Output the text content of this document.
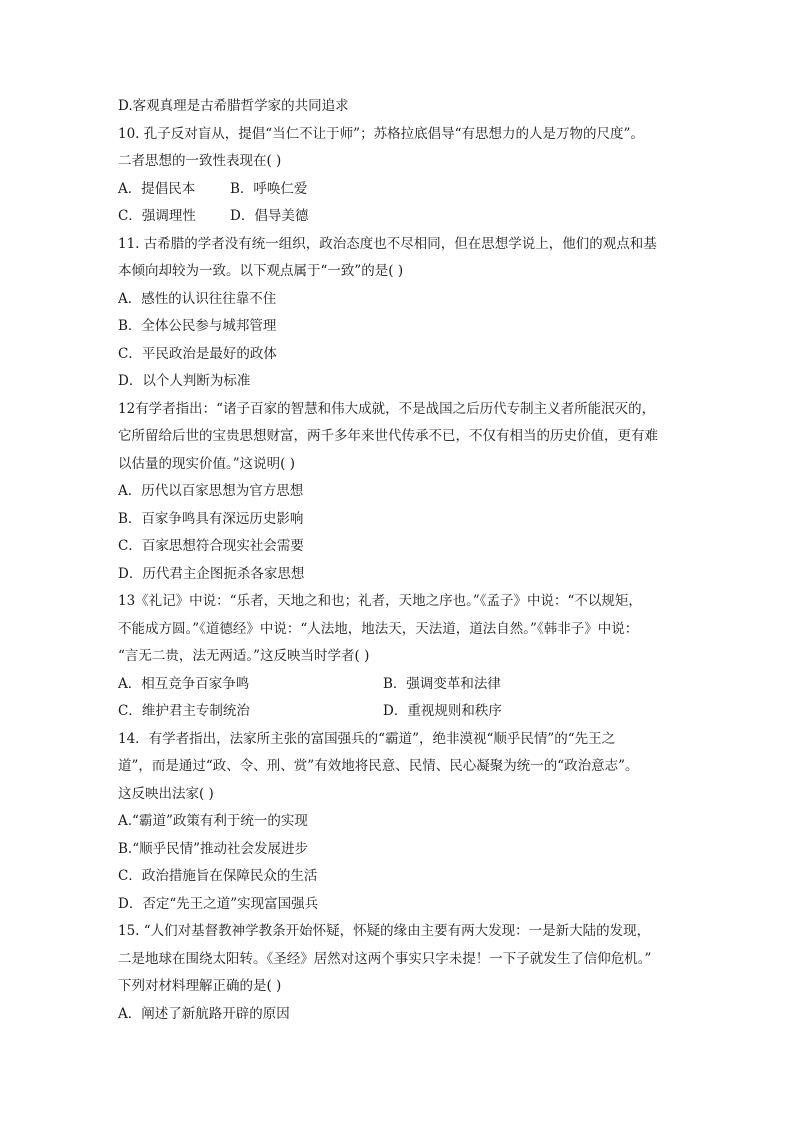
D.客观真理是古希腊哲学家的共同追求
10. 孔子反对盲从，提倡“当仁不让于师”；苏格拉底倡导“有思想力的人是万物的尺度”。
二者思想的一致性表现在( )
A．提倡民本	B．呼唤仁爱
C．强调理性	D．倡导美德
11. 古希腊的学者没有统一组织，政治态度也不尽相同，但在思想学说上，他们的观点和基
本倾向却较为一致。以下观点属于“一致”的是( )
A．感性的认识往往靠不住
B．全体公民参与城邦管理
C．平民政治是最好的政体
D．以个人判断为标准
12有学者指出：“诸子百家的智慧和伟大成就，不是战国之后历代专制主义者所能泯灭的，
它所留给后世的宝贵思想财富，两千多年来世代传承不已，不仅有相当的历史价值，更有难
以估量的现实价值。”这说明( )
A．历代以百家思想为官方思想
B．百家争鸣具有深远历史影响
C．百家思想符合现实社会需要
D．历代君主企图扼杀各家思想
13《礼记》中说：“乐者，天地之和也；礼者，天地之序也。”《孟子》中说：“不以规矩，
不能成方圆。”《道德经》中说：“人法地，地法天，天法道，道法自然。”《韩非子》中说：
“言无二贵，法无两适。”这反映当时学者( )
A．相互竞争百家争鸣	B．强调变革和法律
C．维护君主专制统治	D．重视规则和秩序
14．有学者指出，法家所主张的富国强兵的“霸道”，绝非漠视“顺乎民情”的“先王之
道”，而是通过“政、令、刑、赏”有效地将民意、民情、民心凝聚为统一的“政治意志”。
这反映出法家( )
A.“霸道”政策有利于统一的实现
B.“顺乎民情”推动社会发展进步
C．政治措施旨在保障民众的生活
D．否定“先王之道”实现富国强兵
15. “人们对基督教神学教条开始怀疑，怀疑的缘由主要有两大发现：一是新大陆的发现，
二是地球在围绕太阳转。《圣经》居然对这两个事实只字未提！一下子就发生了信仰危机。”
下列对材料理解正确的是( )
A．阐述了新航路开辟的原因
